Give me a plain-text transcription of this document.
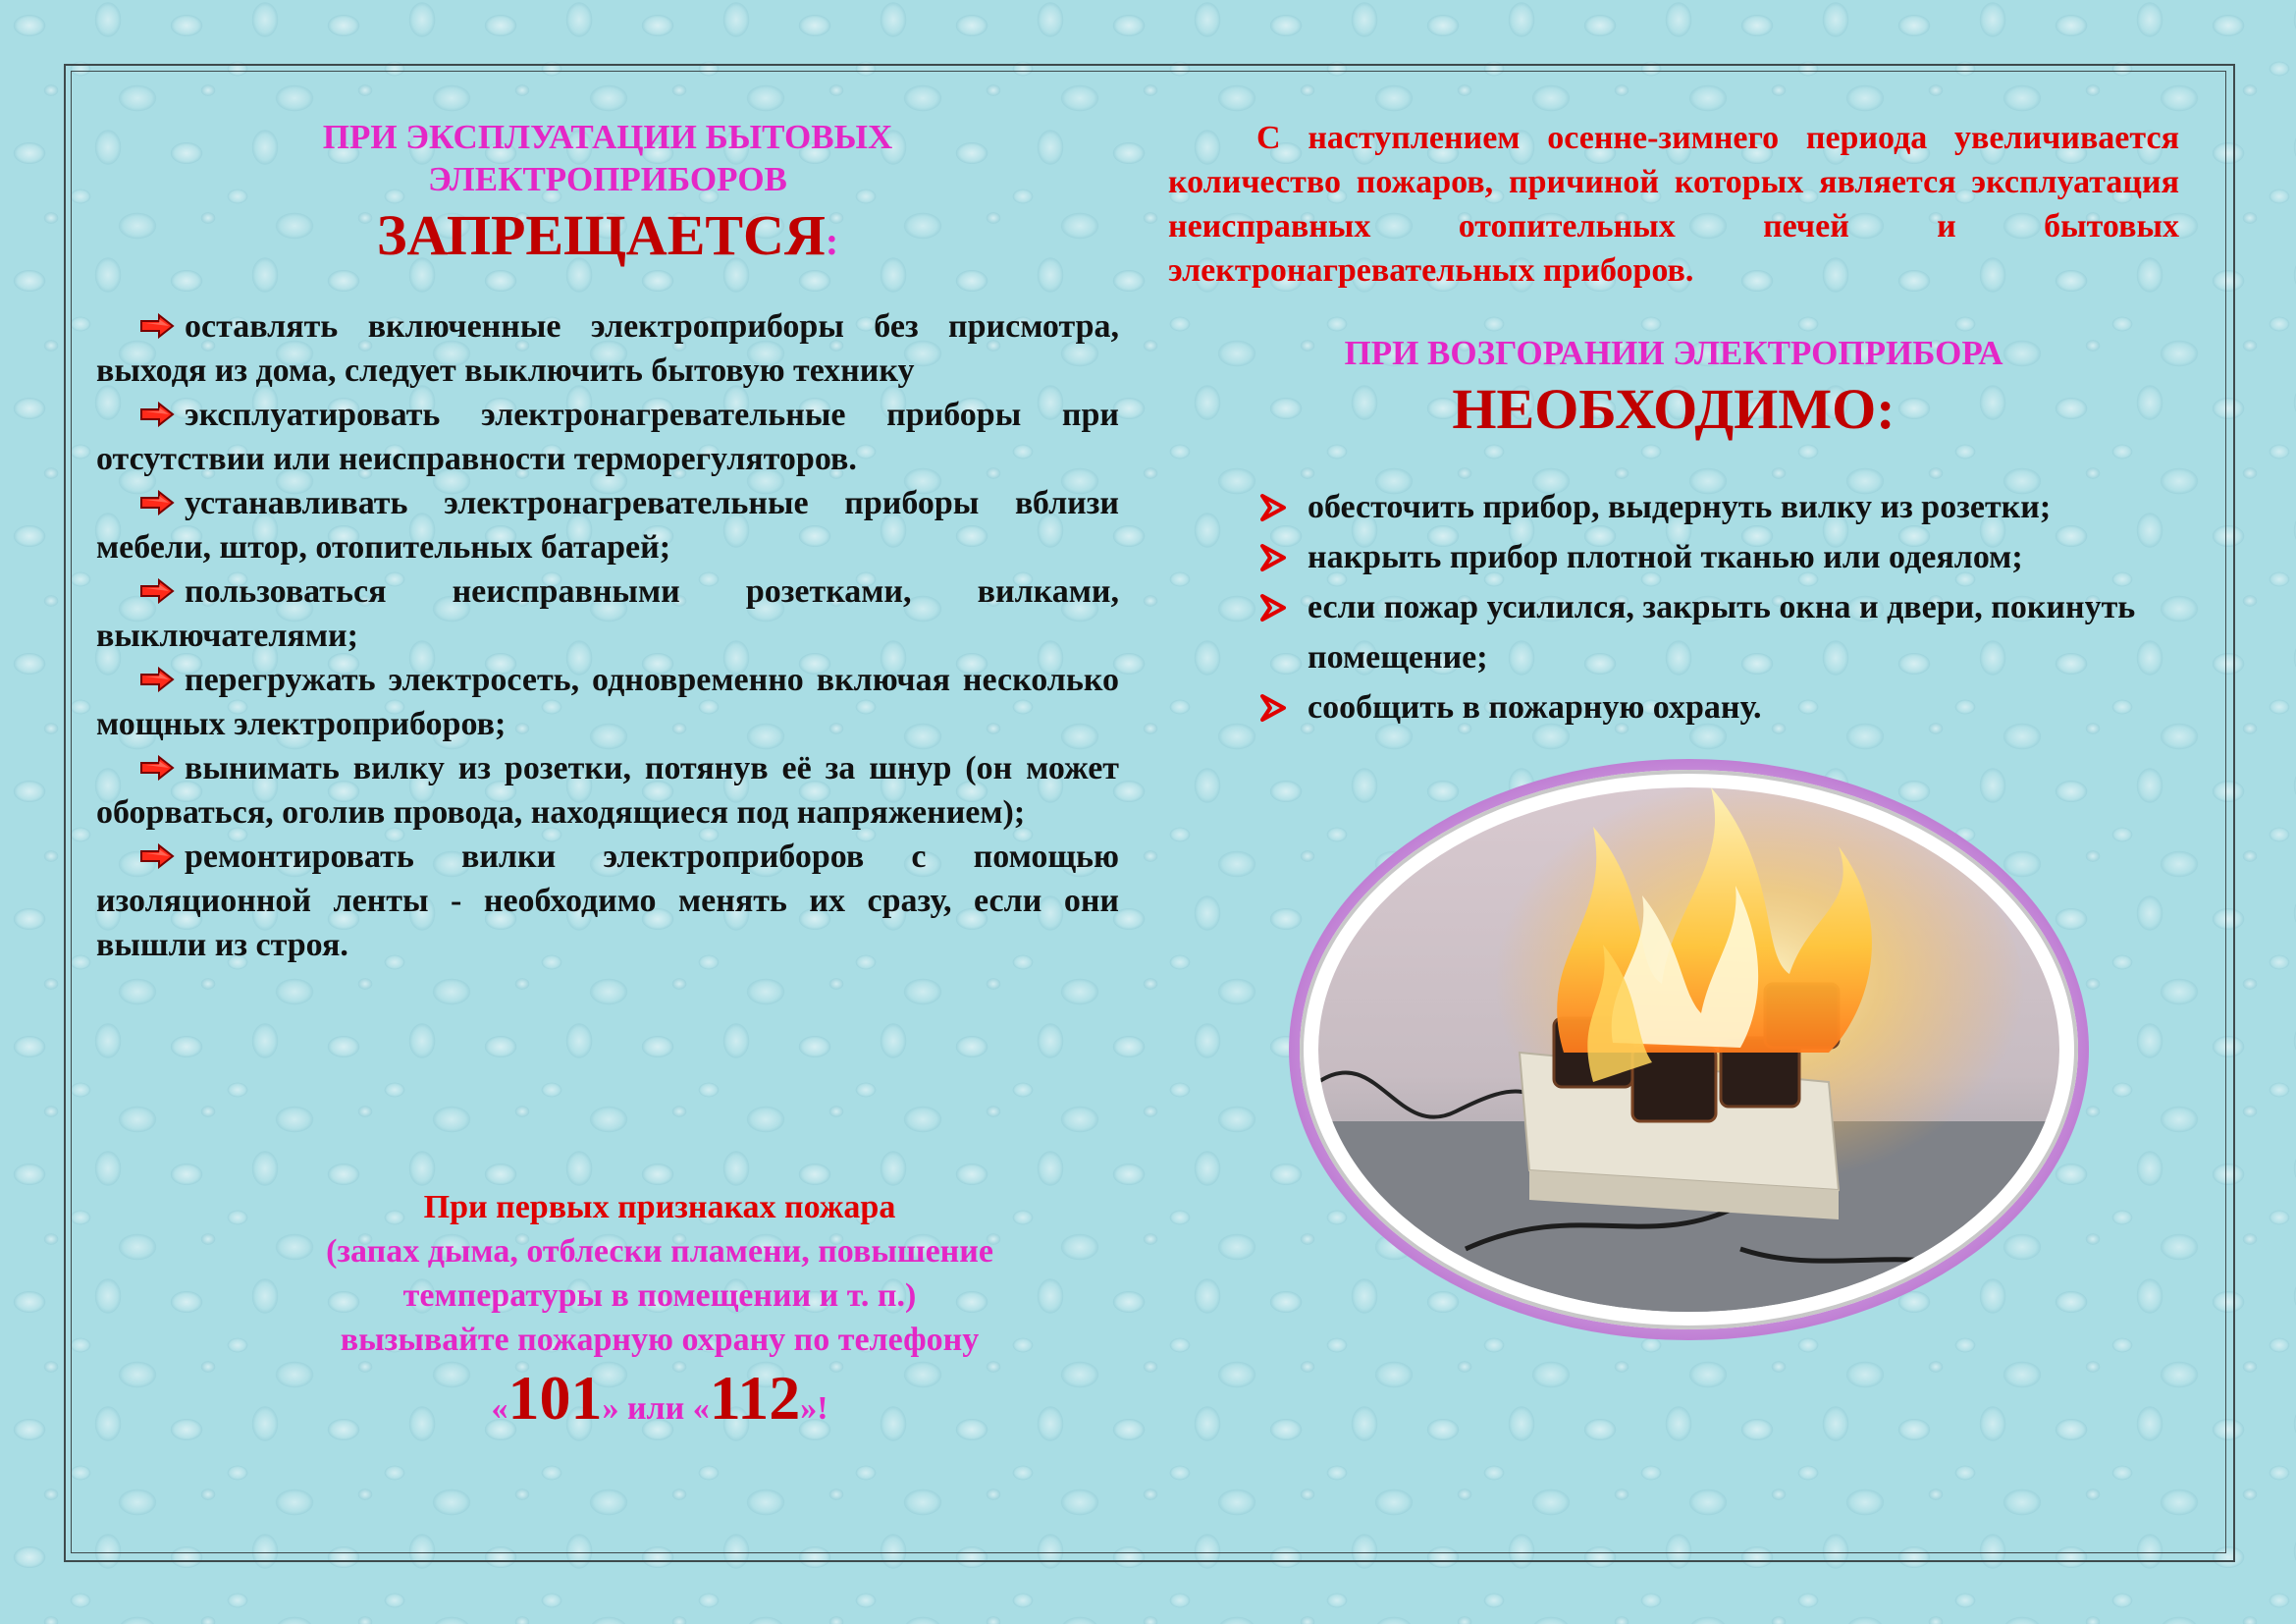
ПРИ ЭКСПЛУАТАЦИИ БЫТОВЫХ
ЭЛЕКТРОПРИБОРОВ

ЗАПРЕЩАЕТСЯ:

оставлять включенные электроприборы без присмотра, выходя из дома, следует выключить бытовую технику
эксплуатировать электронагревательные приборы при отсутствии или неисправности терморегуляторов.
устанавливать электронагревательные приборы вблизи мебели, штор, отопительных батарей;
пользоваться неисправными розетками, вилками, выключателями;
перегружать электросеть, одновременно включая несколько мощных электроприборов;
вынимать вилку из розетки, потянув её за шнур (он может оборваться, оголив провода, находящиеся под напряжением);
ремонтировать вилки электроприборов с помощью изоляционной ленты - необходимо менять их сразу, если они вышли из строя.
При первых признаках пожара
(запах дыма, отблески пламени, повышение
температуры в помещении и т. п.)
вызывайте пожарную охрану по телефону
«101» или «112»!

С наступлением осенне-зимнего периода увеличивается количество пожаров, причиной которых является эксплуатация неисправных отопительных печей и бытовых электронагревательных приборов.

ПРИ ВОЗГОРАНИИ ЭЛЕКТРОПРИБОРА

НЕОБХОДИМО:

обесточить прибор, выдернуть вилку из розетки;
накрыть прибор плотной тканью или одеялом;
если пожар усилился, закрыть окна и двери, покинуть помещение;
сообщить в пожарную охрану.
